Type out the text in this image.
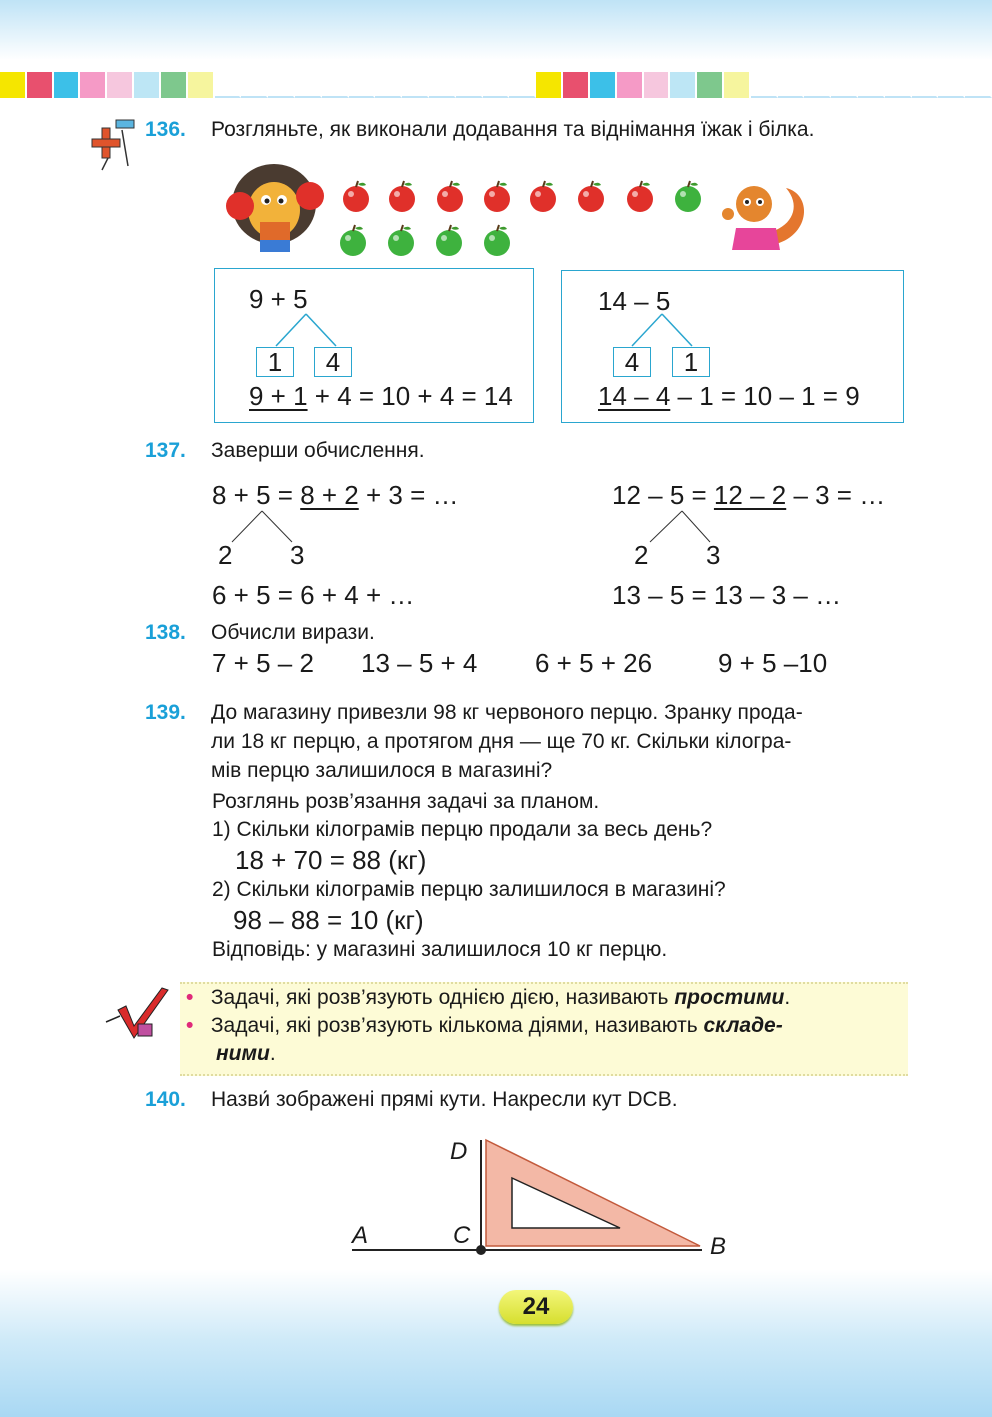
136. Розгляньте, як виконали додавання та віднімання їжак і білка.
9 + 5
1	4
9 + 1 + 4 = 10 + 4 = 14
14 – 5
4	1
14 – 4 – 1 = 10 – 1 = 9
137. Заверши обчислення.
8 + 5 = 8 + 2 + 3 = …
2 3
6 + 5 = 6 + 4 + …
12 – 5 = 12 – 2 – 3 = …
2 3
13 – 5 = 13 – 3 – …
138. Обчисли вирази.
7 + 5 – 2 13 – 5 + 4 6 + 5 + 26	9 + 5 –10
139. До магазину привезли 98 кг червоного перцю. Зранку прода-
ли 18 кг перцю, а протягом дня — ще 70 кг. Скільки кілогра-
мів перцю залишилося в магазині?
Розглянь розв’язання задачі за планом.
1) Скільки кілограмів перцю продали за весь день?
18 + 70 = 88 (кг)
2) Скільки кілограмів перцю залишилося в магазині?
98 – 88 = 10 (кг)
Відповідь: у магазині залишилося 10 кг перцю.
• Задачі, які розв’язують однією дією, називають простими.
• Задачі, які розв’язують кількома діями, називають складе-
ними.
140. Назви́ зображені прямі кути. Накресли кут DCB.
D
A	C	B
24
